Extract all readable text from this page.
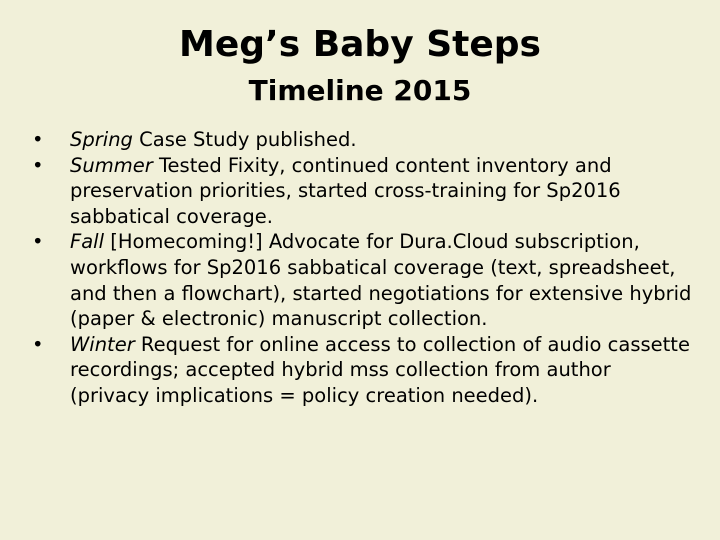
Meg’s Baby Steps
Timeline 2015
•	Spring Case Study published.
•	Summer Tested Fixity, continued content inventory and preservation priorities, started cross-training for Sp2016 sabbatical coverage.
•	Fall [Homecoming!] Advocate for Dura.Cloud subscription, workflows for Sp2016 sabbatical coverage (text, spreadsheet, and then a flowchart), started negotiations for extensive hybrid (paper & electronic) manuscript collection.
•	Winter Request for online access to collection of audio cassette recordings; accepted hybrid mss collection from author (privacy implications = policy creation needed).
